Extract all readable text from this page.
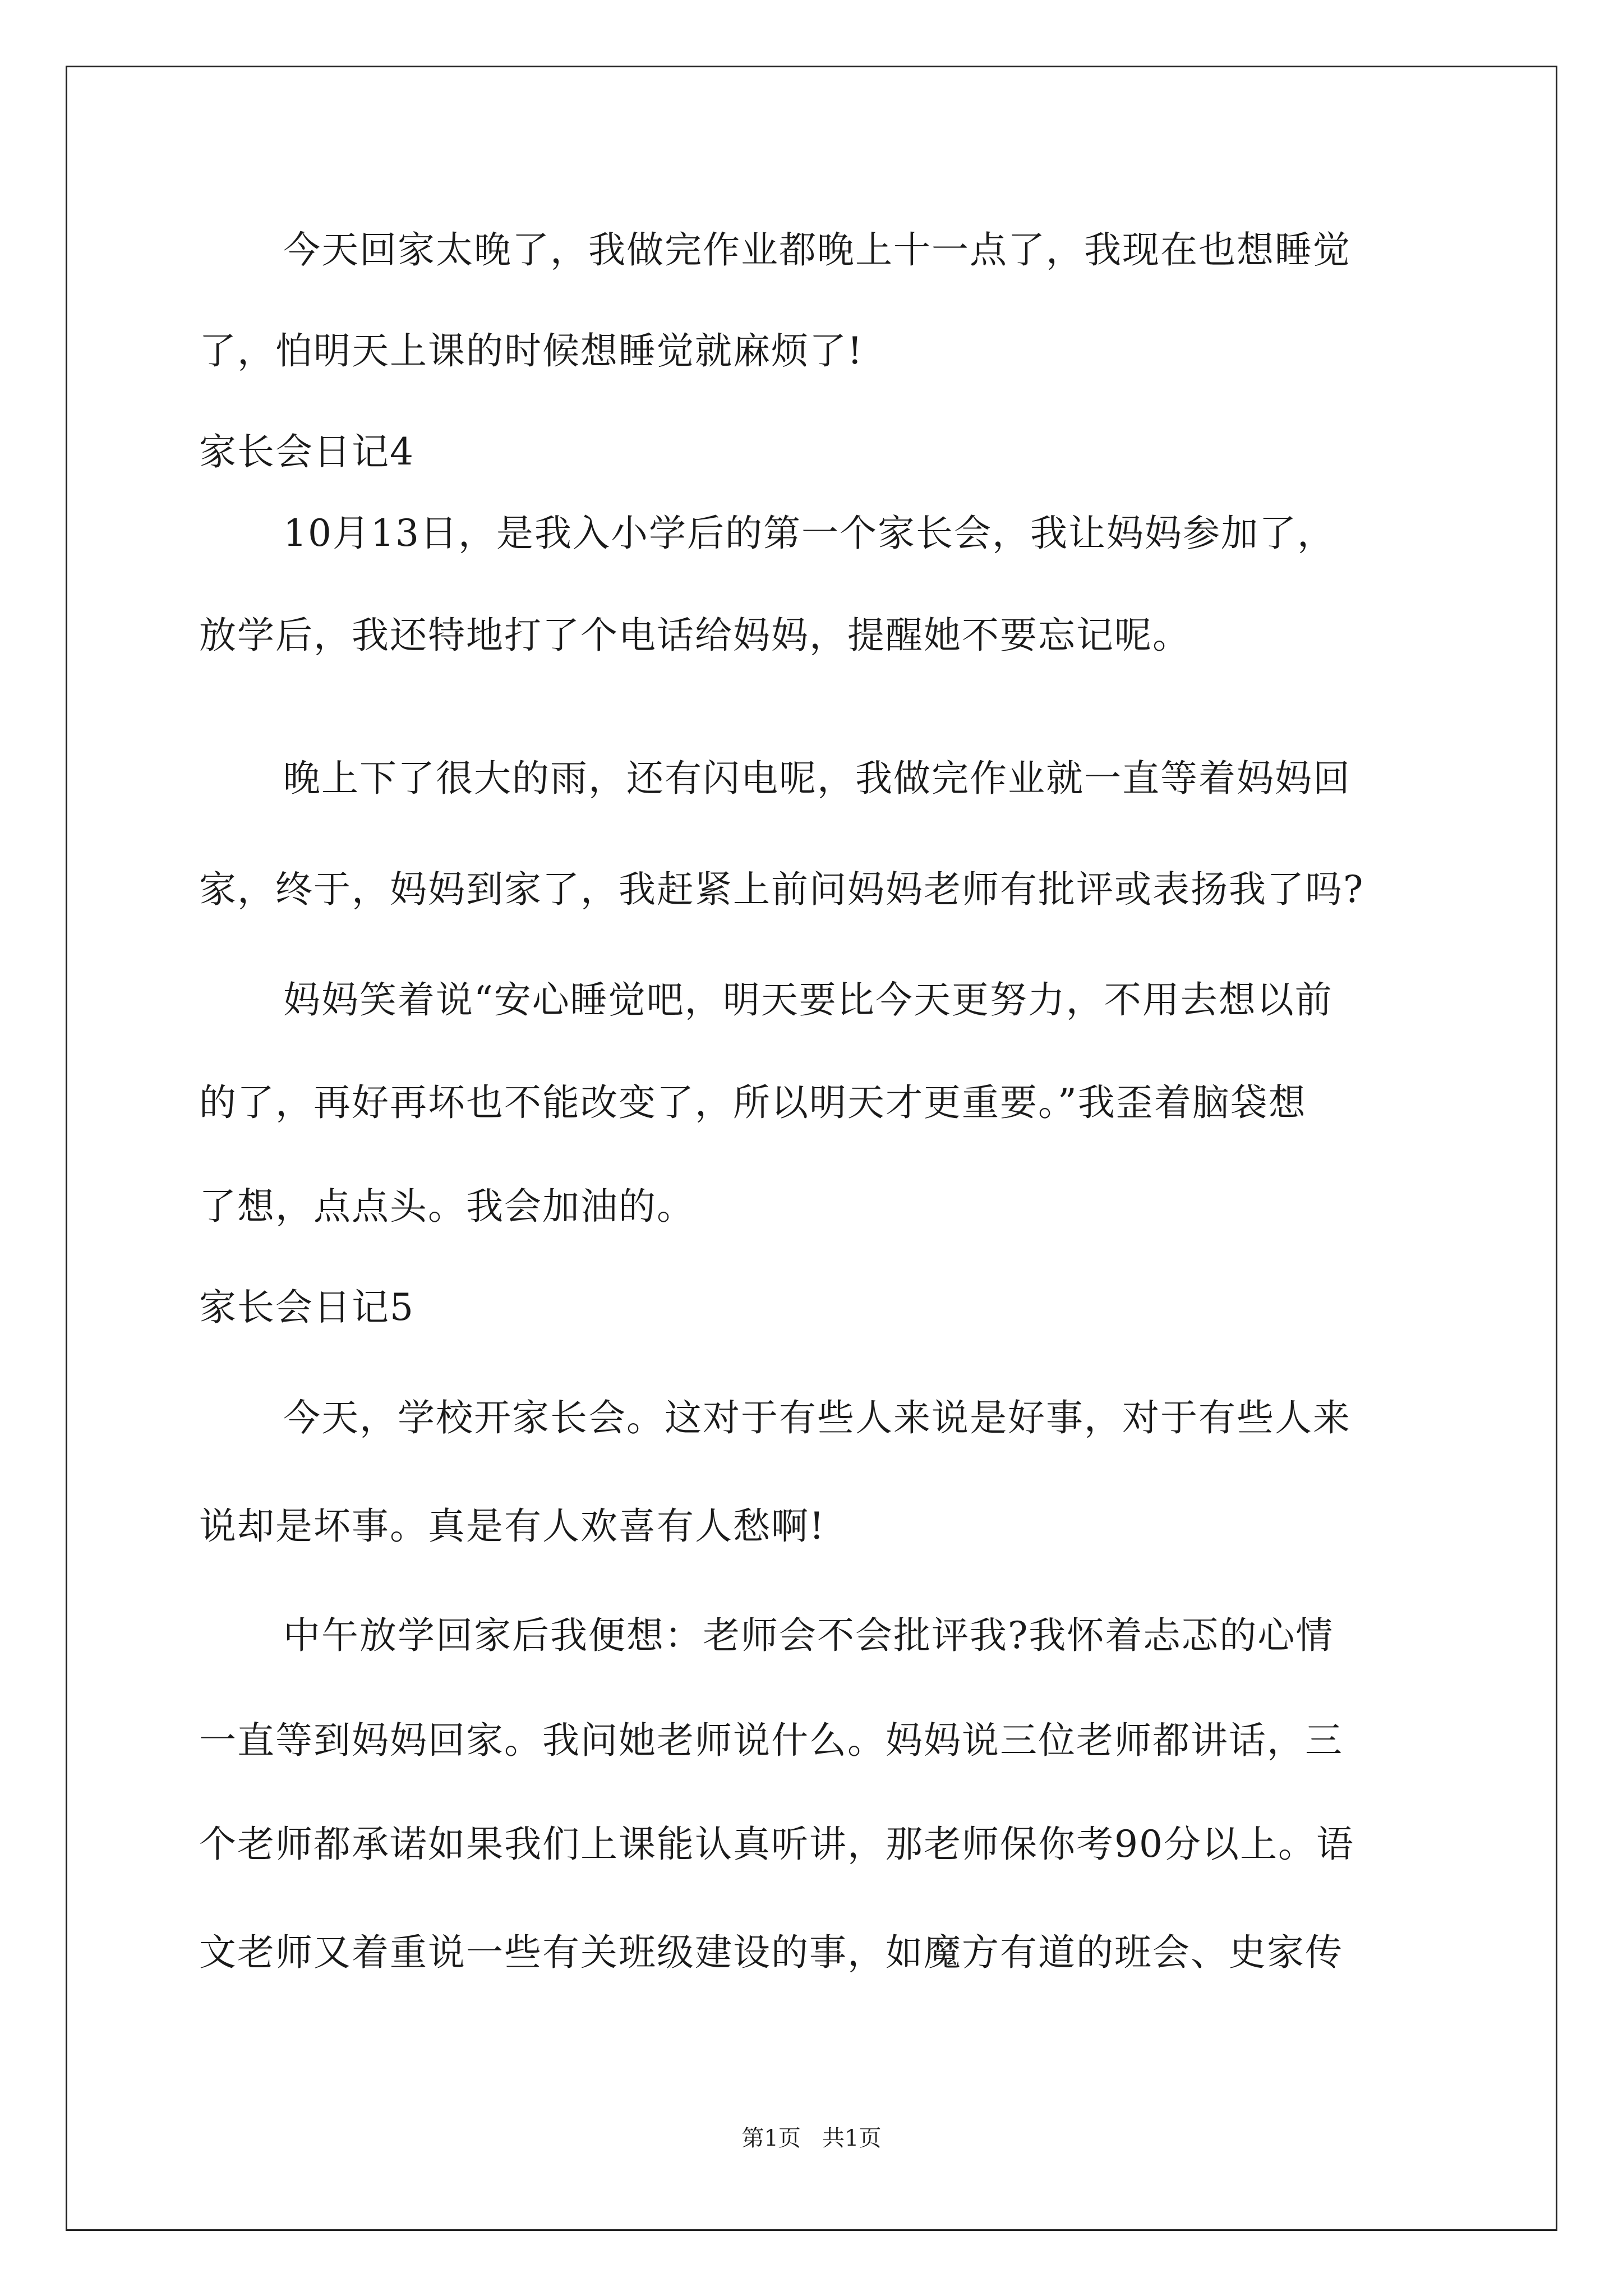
今天回家太晚了，我做完作业都晚上十一点了，我现在也想睡觉
了，怕明天上课的时候想睡觉就麻烦了!
家长会日记4
10月13日，是我入小学后的第一个家长会，我让妈妈参加了，
放学后，我还特地打了个电话给妈妈，提醒她不要忘记呢。
晚上下了很大的雨，还有闪电呢，我做完作业就一直等着妈妈回
家，终于，妈妈到家了，我赶紧上前问妈妈老师有批评或表扬我了吗?
妈妈笑着说“安心睡觉吧，明天要比今天更努力，不用去想以前
的了，再好再坏也不能改变了，所以明天才更重要。”我歪着脑袋想
了想，点点头。我会加油的。
家长会日记5
今天，学校开家长会。这对于有些人来说是好事，对于有些人来
说却是坏事。真是有人欢喜有人愁啊!
中午放学回家后我便想：老师会不会批评我?我怀着忐忑的心情
一直等到妈妈回家。我问她老师说什么。妈妈说三位老师都讲话，三
个老师都承诺如果我们上课能认真听讲，那老师保你考90分以上。语
文老师又着重说一些有关班级建设的事，如魔方有道的班会、史家传
第1页   共1页
